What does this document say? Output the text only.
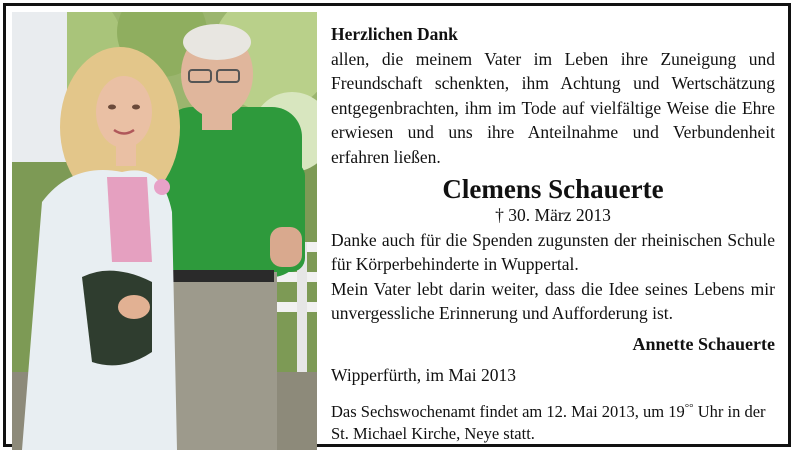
Herzlichen Dank

allen, die meinem Vater im Leben ihre Zuneigung und Freundschaft schenkten, ihm Achtung und Wertschätzung entgegenbrachten, ihm im Tode auf vielfältige Weise die Ehre erwiesen und uns ihre Anteilnahme und Verbundenheit erfahren ließen.

Clemens Schauerte
† 30. März 2013

Danke auch für die Spenden zugunsten der rheinischen Schule für Körperbehinderte in Wuppertal.

Mein Vater lebt darin weiter, dass die Idee seines Lebens mir unvergessliche Erinnerung und Aufforderung ist.

Annette Schauerte
Wipperfürth, im Mai 2013
Das Sechswochenamt findet am 12. Mai 2013, um 19°° Uhr in der St. Michael Kirche, Neye statt.
